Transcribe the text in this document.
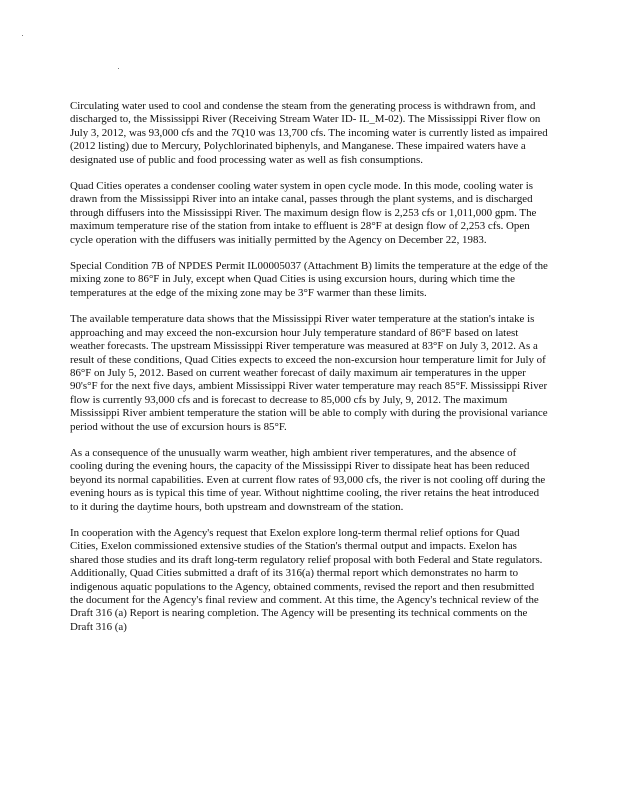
Circulating water used to cool and condense the steam from the generating process is withdrawn from, and discharged to, the Mississippi River (Receiving Stream Water ID- IL_M-02). The Mississippi River flow on July 3, 2012, was 93,000 cfs and the 7Q10 was 13,700 cfs. The incoming water is currently listed as impaired (2012 listing) due to Mercury, Polychlorinated biphenyls, and Manganese. These impaired waters have a designated use of public and food processing water as well as fish consumptions.

Quad Cities operates a condenser cooling water system in open cycle mode. In this mode, cooling water is drawn from the Mississippi River into an intake canal, passes through the plant systems, and is discharged through diffusers into the Mississippi River. The maximum design flow is 2,253 cfs or 1,011,000 gpm. The maximum temperature rise of the station from intake to effluent is 28°F at design flow of 2,253 cfs. Open cycle operation with the diffusers was initially permitted by the Agency on December 22, 1983.

Special Condition 7B of NPDES Permit IL00005037 (Attachment B) limits the temperature at the edge of the mixing zone to 86°F in July, except when Quad Cities is using excursion hours, during which time the temperatures at the edge of the mixing zone may be 3°F warmer than these limits.

The available temperature data shows that the Mississippi River water temperature at the station's intake is approaching and may exceed the non-excursion hour July temperature standard of 86°F based on latest weather forecasts. The upstream Mississippi River temperature was measured at 83°F on July 3, 2012. As a result of these conditions, Quad Cities expects to exceed the non-excursion hour temperature limit for July of 86°F on July 5, 2012. Based on current weather forecast of daily maximum air temperatures in the upper 90's°F for the next five days, ambient Mississippi River water temperature may reach 85°F. Mississippi River flow is currently 93,000 cfs and is forecast to decrease to 85,000 cfs by July, 9, 2012. The maximum Mississippi River ambient temperature the station will be able to comply with during the provisional variance period without the use of excursion hours is 85°F.

As a consequence of the unusually warm weather, high ambient river temperatures, and the absence of cooling during the evening hours, the capacity of the Mississippi River to dissipate heat has been reduced beyond its normal capabilities. Even at current flow rates of 93,000 cfs, the river is not cooling off during the evening hours as is typical this time of year. Without nighttime cooling, the river retains the heat introduced to it during the daytime hours, both upstream and downstream of the station.

In cooperation with the Agency's request that Exelon explore long-term thermal relief options for Quad Cities, Exelon commissioned extensive studies of the Station's thermal output and impacts. Exelon has shared those studies and its draft long-term regulatory relief proposal with both Federal and State regulators. Additionally, Quad Cities submitted a draft of its 316(a) thermal report which demonstrates no harm to indigenous aquatic populations to the Agency, obtained comments, revised the report and then resubmitted the document for the Agency's final review and comment. At this time, the Agency's technical review of the Draft 316 (a) Report is nearing completion. The Agency will be presenting its technical comments on the Draft 316 (a)
